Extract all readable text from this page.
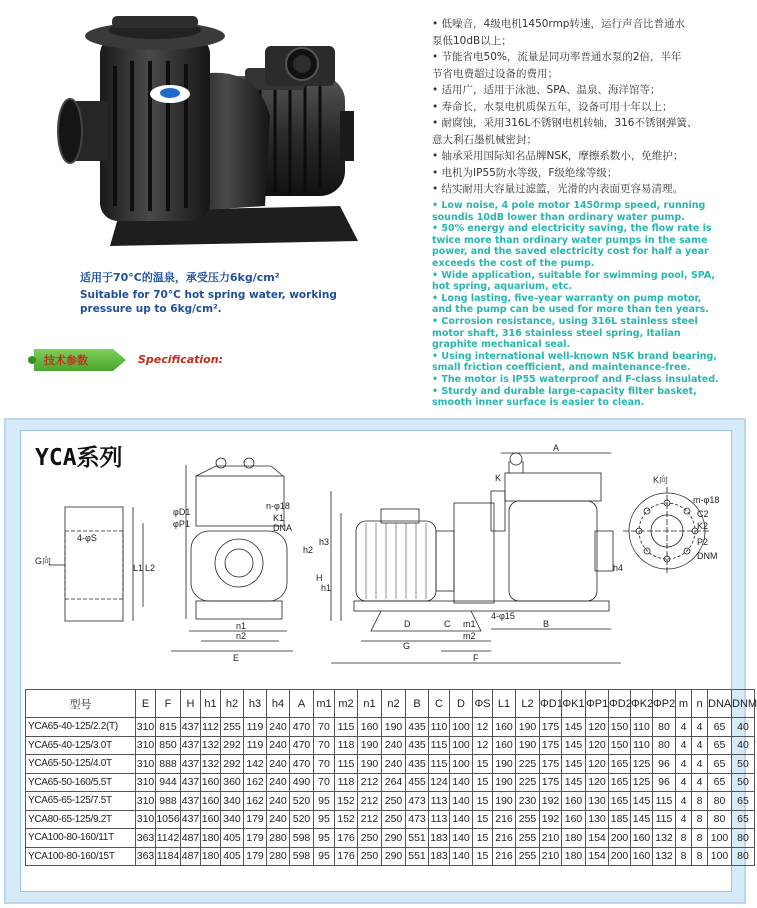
适用于70°C的温泉，承受压力6kg/cm²
Suitable for 70°C hot spring water, working
pressure up to 6kg/cm².
技术参数	Specification:
• 低噪音，4级电机1450rmp转速，运行声音比普通水
泵低10dB以上；
• 节能省电50%，流量是同功率普通水泵的2倍，半年
节省电费超过设备的费用；
• 适用广，适用于泳池、SPA、温泉、海洋馆等；
• 寿命长，水泵电机质保五年，设备可用十年以上；
• 耐腐蚀，采用316L不锈钢电机转轴，316不锈钢弹簧、
意大利石墨机械密封；
• 轴承采用国际知名品牌NSK，摩擦系数小，免维护；
• 电机为IP55防水等级，F级绝缘等级；
• 结实耐用大容量过滤篮，光滑的内表面更容易清理。
• Low noise, 4 pole motor 1450rmp speed, running
soundis 10dB lower than ordinary water pump.
• 50% energy and electricity saving, the flow rate is
twice more than ordinary water pumps in the same
power, and the saved electricity cost for half a year
exceeds the cost of the pump.
• Wide application, suitable for swimming pool, SPA,
hot spring, aquarium, etc.
• Long lasting, five-year warranty on pump motor,
and the pump can be used for more than ten years.
• Corrosion resistance, using 316L stainless steel
motor shaft, 316 stainless steel spring, Italian
graphite mechanical seal.
• Using international well-known NSK brand bearing,
small friction coefficient, and maintenance-free.
• The motor is IP55 waterproof and F-class insulated.
• Sturdy and durable large-capacity filter basket,
smooth inner surface is easier to clean.
YCA系列
G向
4-φS
L1 L2
φD1
φP1
n-φ18
K1
DNA
n1
n2
E
h2
H
h3
h1
D	C m1
m2
4-φ15
G
B
F
A
K
h4
K向
m-φ18
C2
K2
P2
DNM
型号	E	F	H	h1	h2	h3	h4	A	m1	m2	n1	n2	B	C	D	ΦS	L1	L2	ΦD1	ΦK1	ΦP1	ΦD2	ΦK2	ΦP2	m	n	DNA	DNM
YCA65-40-125/2.2(T)	310	815	437	112	255	119	240	470	70	115	160	190	435	110	100	12	160	190	175	145	120	150	110	80	4	4	65	40
YCA65-40-125/3.0T	310	850	437	132	292	119	240	470	70	118	190	240	435	115	100	12	160	190	175	145	120	150	110	80	4	4	65	40
YCA65-50-125/4.0T	310	888	437	132	292	142	240	470	70	115	190	240	435	115	100	15	190	225	175	145	120	165	125	96	4	4	65	50
YCA65-50-160/5.5T	310	944	437	160	360	162	240	490	70	118	212	264	455	124	140	15	190	225	175	145	120	165	125	96	4	4	65	50
YCA65-65-125/7.5T	310	988	437	160	340	162	240	520	95	152	212	250	473	113	140	15	190	230	192	160	130	165	145	115	4	8	80	65
YCA80-65-125/9.2T	310	1056	437	160	340	179	240	520	95	152	212	250	473	113	140	15	216	255	192	160	130	185	145	115	4	8	80	65
YCA100-80-160/11T	363	1142	487	180	405	179	280	598	95	176	250	290	551	183	140	15	216	255	210	180	154	200	160	132	8	8	100	80
YCA100-80-160/15T	363	1184	487	180	405	179	280	598	95	176	250	290	551	183	140	15	216	255	210	180	154	200	160	132	8	8	100	80
